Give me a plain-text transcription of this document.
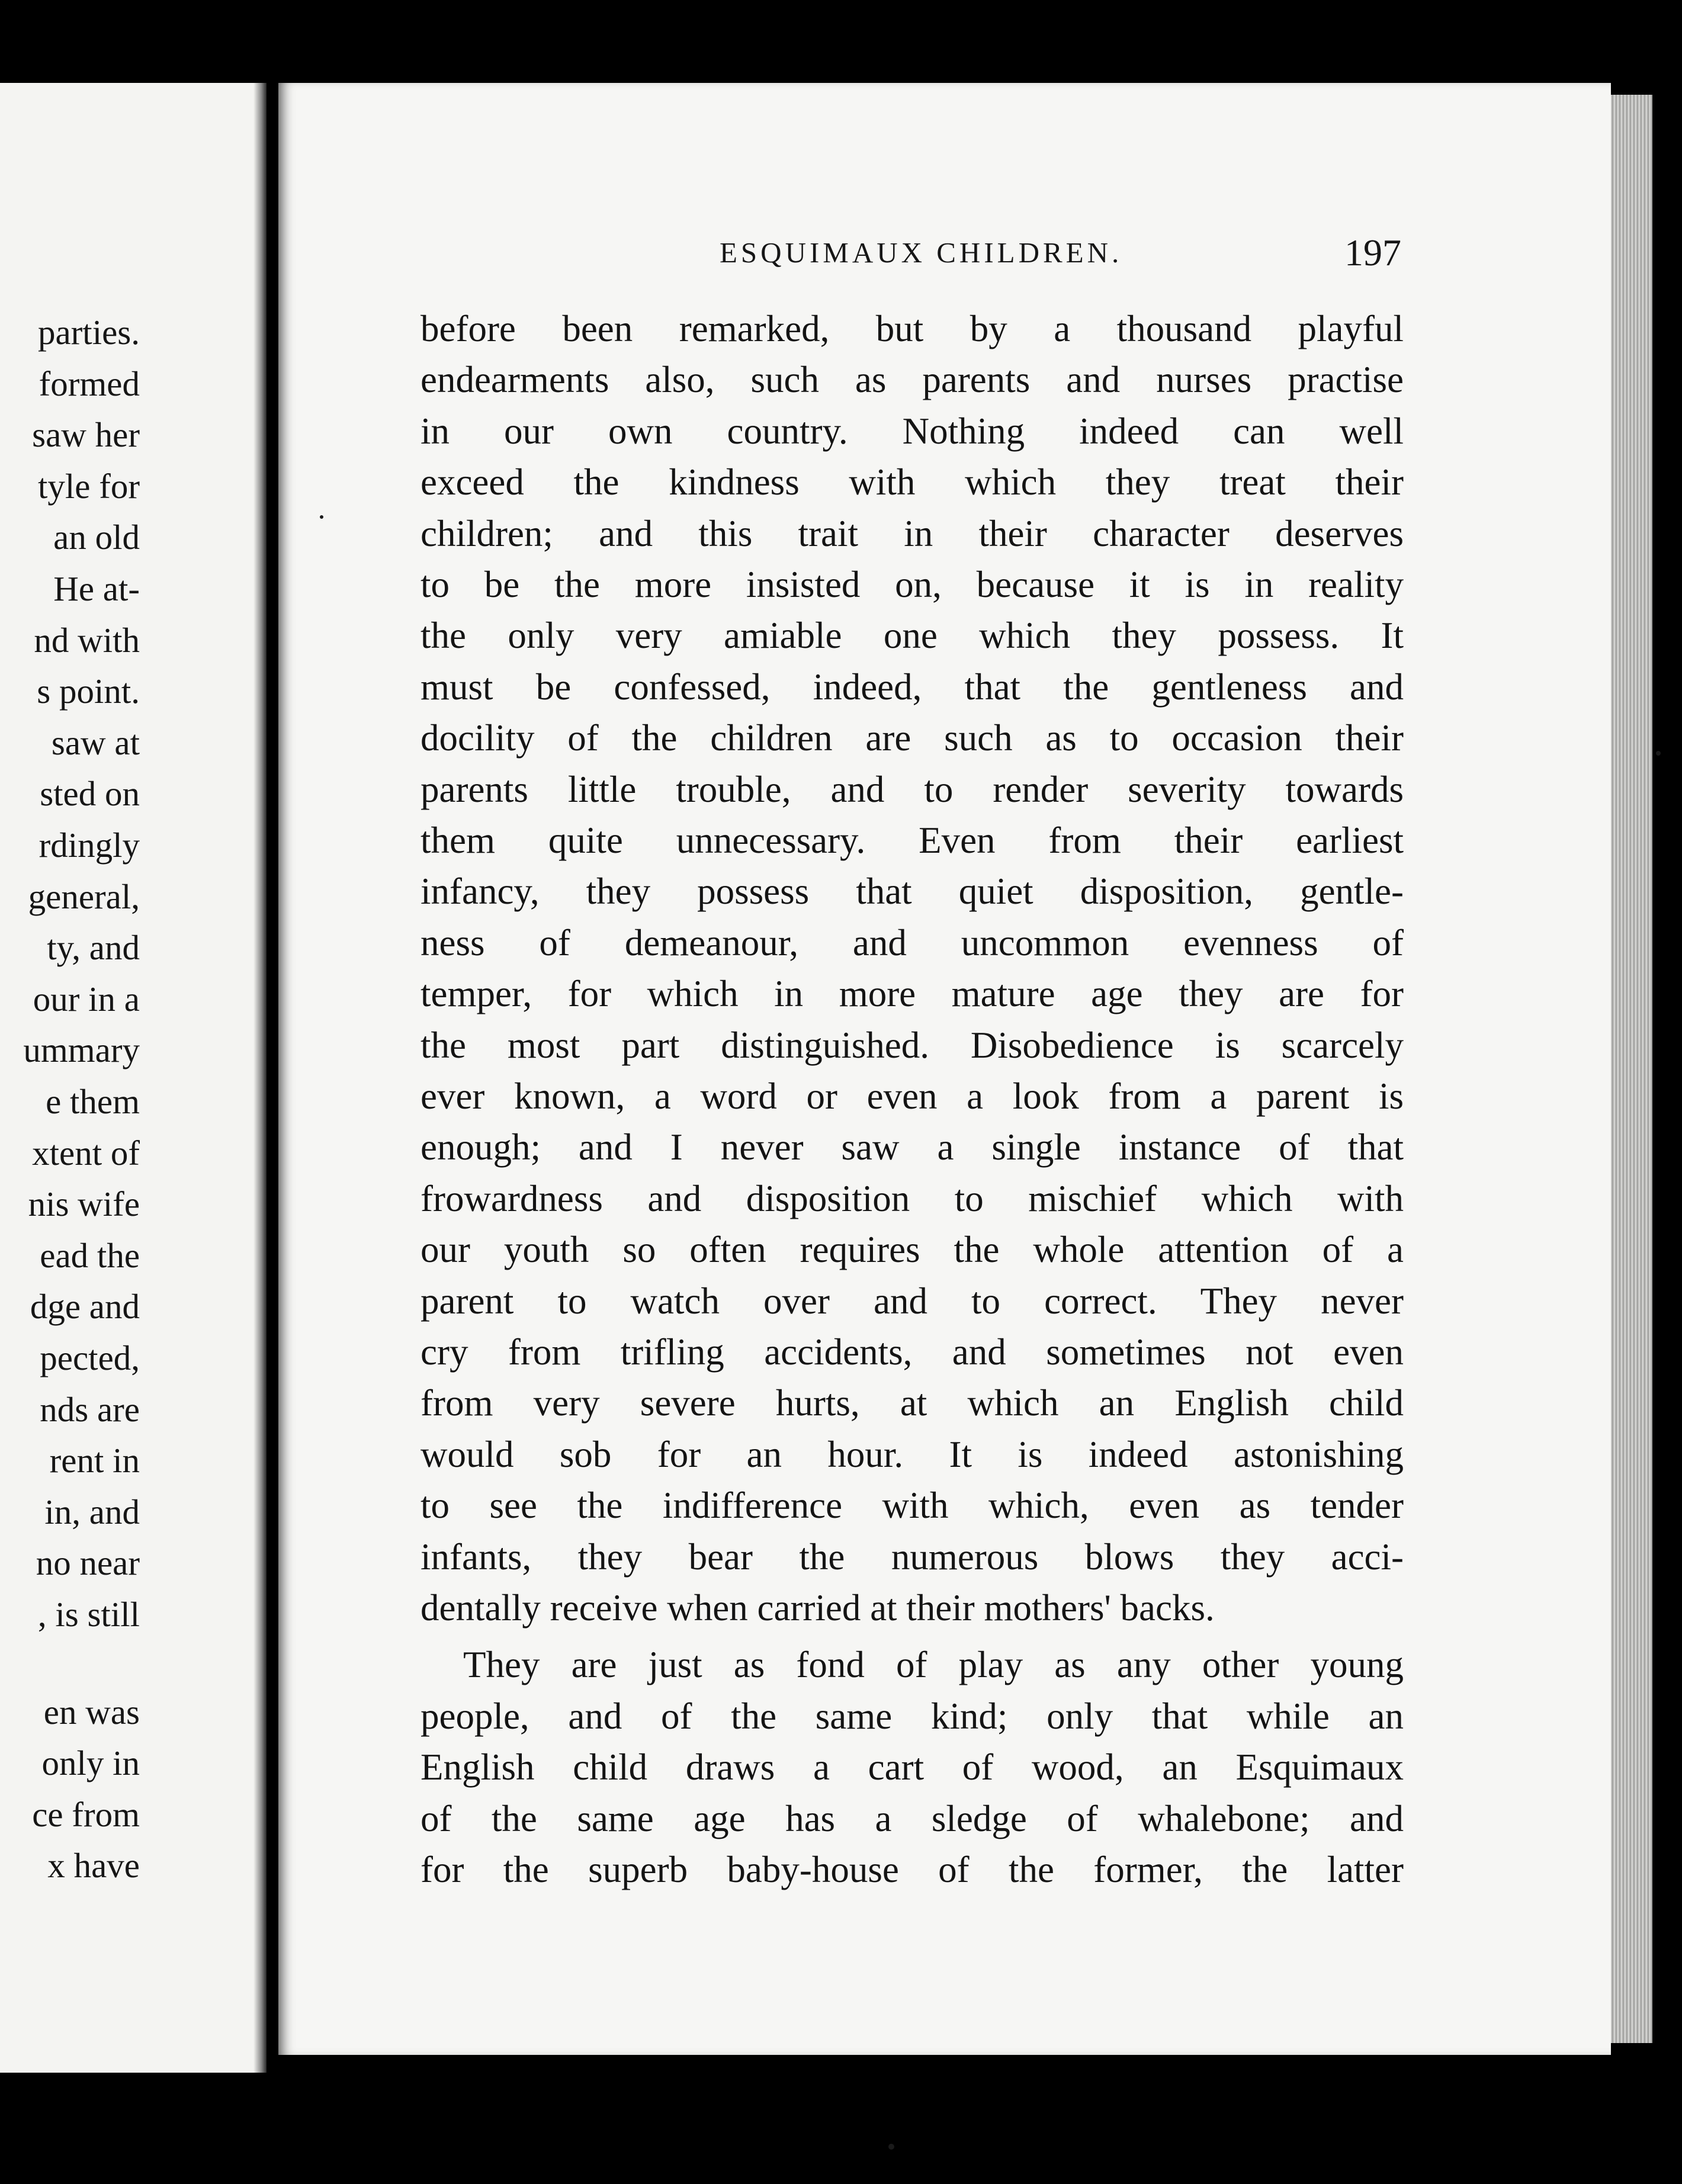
parties.
formed
saw her
tyle for
an old
He at-
nd with
s point.
saw at
sted on
rdingly
general,
ty, and
our in a
ummary
e them
xtent of
nis wife
ead the
dge and
pected,
nds are
rent in
in, and
no near
, is still
en was
only in
ce from
x have
ESQUIMAUX CHILDREN.	197
before been remarked, but by a thousand playful
endearments also, such as parents and nurses practise
in our own country. Nothing indeed can well
exceed the kindness with which they treat their
children; and this trait in their character deserves
to be the more insisted on, because it is in reality
the only very amiable one which they possess. It
must be confessed, indeed, that the gentleness and
docility of the children are such as to occasion their
parents little trouble, and to render severity towards
them quite unnecessary. Even from their earliest
infancy, they possess that quiet disposition, gentle-
ness of demeanour, and uncommon evenness of
temper, for which in more mature age they are for
the most part distinguished. Disobedience is scarcely
ever known, a word or even a look from a parent is
enough; and I never saw a single instance of that
frowardness and disposition to mischief which with
our youth so often requires the whole attention of a
parent to watch over and to correct. They never
cry from trifling accidents, and sometimes not even
from very severe hurts, at which an English child
would sob for an hour. It is indeed astonishing
to see the indifference with which, even as tender
infants, they bear the numerous blows they acci-
dentally receive when carried at their mothers' backs.
They are just as fond of play as any other young
people, and of the same kind; only that while an
English child draws a cart of wood, an Esquimaux
of the same age has a sledge of whalebone; and
for the superb baby-house of the former, the latter
